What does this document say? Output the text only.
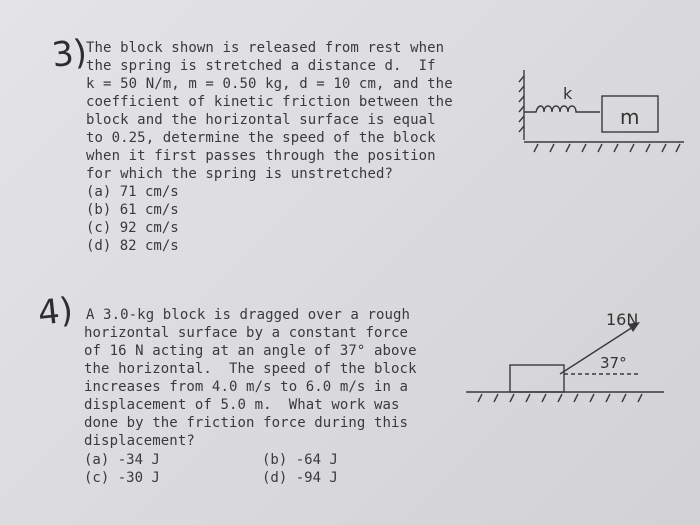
3)
The block shown is released from rest when
the spring is stretched a distance d.  If
k = 50 N/m, m = 0.50 kg, d = 10 cm, and the
coefficient of kinetic friction between the
block and the horizontal surface is equal
to 0.25, determine the speed of the block
when it first passes through the position
for which the spring is unstretched?
(a) 71 cm/s
(b) 61 cm/s
(c) 92 cm/s
(d) 82 cm/s
4) A 3.0-kg block is dragged over a rough
horizontal surface by a constant force
of 16 N acting at an angle of 37° above
the horizontal.  The speed of the block
increases from 4.0 m/s to 6.0 m/s in a
displacement of 5.0 m.  What work was
done by the friction force during this
displacement?
(a) -34 J	(b) -64 J
(c) -30 J	(d) -94 J
k
m
16N
37°
